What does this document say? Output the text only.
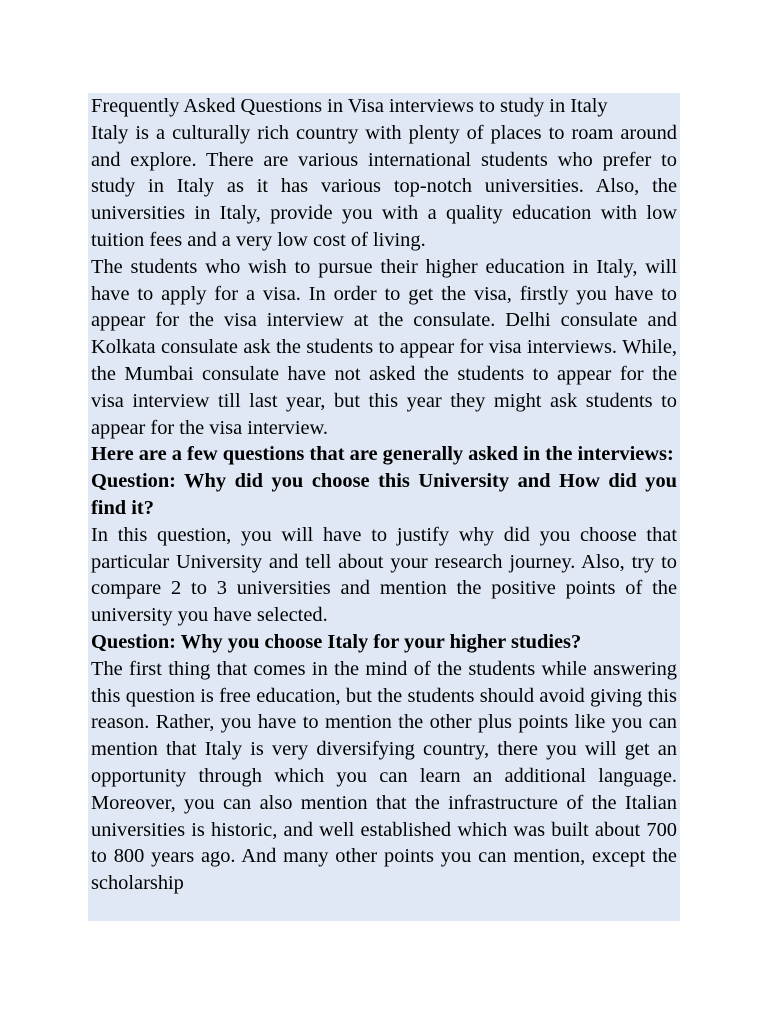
Frequently Asked Questions in Visa interviews to study in Italy

Italy is a culturally rich country with plenty of places to roam around and explore. There are various international students who prefer to study in Italy as it has various top-notch universities. Also, the universities in Italy, provide you with a quality education with low tuition fees and a very low cost of living.

The students who wish to pursue their higher education in Italy, will have to apply for a visa. In order to get the visa, firstly you have to appear for the visa interview at the consulate. Delhi consulate and Kolkata consulate ask the students to appear for visa interviews. While, the Mumbai consulate have not asked the students to appear for the visa interview till last year, but this year they might ask students to appear for the visa interview.

Here are a few questions that are generally asked in the interviews:

Question: Why did you choose this University and How did you find it?

In this question, you will have to justify why did you choose that particular University and tell about your research journey. Also, try to compare 2 to 3 universities and mention the positive points of the university you have selected.

Question: Why you choose Italy for your higher studies?

The first thing that comes in the mind of the students while answering this question is free education, but the students should avoid giving this reason. Rather, you have to mention the other plus points like you can mention that Italy is very diversifying country, there you will get an opportunity through which you can learn an additional language. Moreover, you can also mention that the infrastructure of the Italian universities is historic, and well established which was built about 700 to 800 years ago. And many other points you can mention, except the scholarship
